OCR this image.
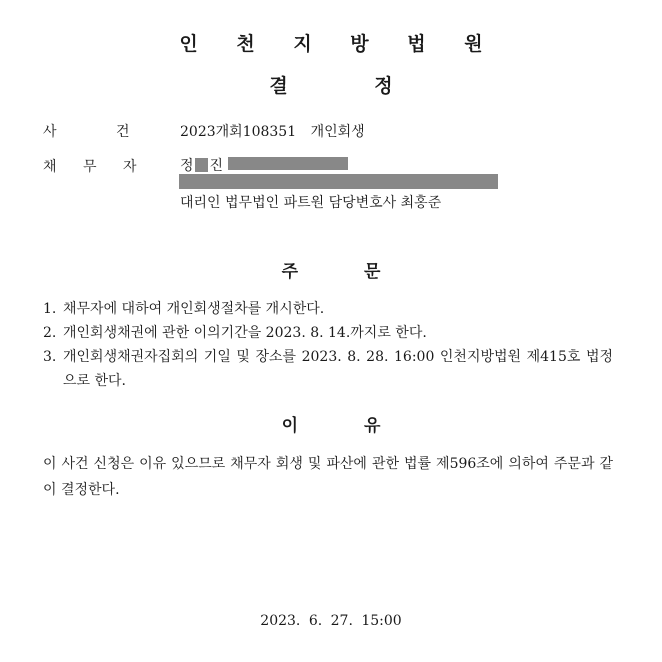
인 천 지 방 법 원
결 정
사 건	2023개회108351 개인회생
채 무 자	정 진
대리인 법무법인 파트원 담당변호사 최홍준
주 문
1. 채무자에 대하여 개인회생절차를 개시한다.
2. 개인회생채권에 관한 이의기간을 2023. 8. 14.까지로 한다.
3. 개인회생채권자집회의 기일 및 장소를 2023. 8. 28. 16:00 인천지방법원 제415호 법정으로 한다.
이 유
이 사건 신청은 이유 있으므로 채무자 회생 및 파산에 관한 법률 제596조에 의하여 주문과 같이 결정한다.
2023. 6. 27. 15:00
